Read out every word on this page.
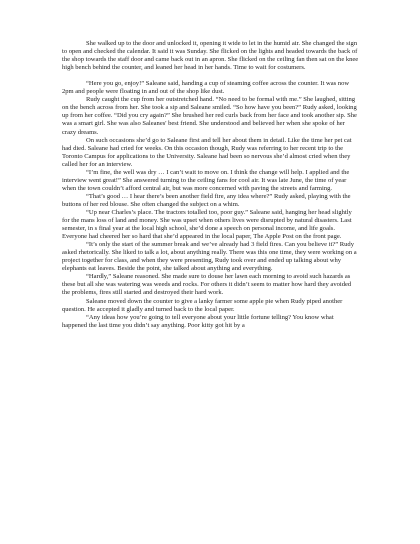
She walked up to the door and unlocked it, opening it wide to let in the humid air. She changed the sign to open and checked the calendar. It said it was Sunday. She flicked on the lights and headed towards the back of the shop towards the staff door and came back out in an apron. She flicked on the ceiling fan then sat on the knee high bench behind the counter, and leaned her head in her hands. Time to wait for costumers.

“Here you go, enjoy!” Saleane said, handing a cup of steaming coffee across the counter. It was now 2pm and people were floating in and out of the shop like dust.

Rudy caught the cup from her outstretched hand. “No need to be formal with me.” She laughed, sitting on the bench across from her. She took a sip and Saleane smiled. “So how have you been?” Rudy asked, looking up from her coffee. “Did you cry again?” She brushed her red curls back from her face and took another sip. She was a smart girl. She was also Saleanes' best friend. She understood and believed her when she spoke of her crazy dreams.

On such occasions she’d go to Saleane first and tell her about them in detail. Like the time her pet cat had died. Saleane had cried for weeks. On this occasion though, Rudy was referring to her recent trip to the Toronto Campus for applications to the University. Saleane had been so nervous she’d almost cried when they called her for an interview.

“I’m fine, the well was dry … I can’t wait to move on. I think the change will help. I applied and the interview went great!” She answered turning to the ceiling fans for cool air. It was late June, the time of year when the town couldn’t afford central air, but was more concerned with paving the streets and farming.

“That’s good … I hear there’s been another field fire, any idea where?” Rudy asked, playing with the buttons of her red blouse. She often changed the subject on a whim.

“Up near Charles’s place. The tractors totalled too, poor guy.” Saleane said, hanging her head slightly for the mans loss of land and money. She was upset when others lives were disrupted by natural disasters. Last semester, in s final year at the local high school, she’d done a speech on personal income, and life goals. Everyone had cheered her so hard that she’d appeared in the local paper, The Apple Post on the front page.

“It’s only the start of the summer break and we’ve already had 3 field fires. Can you believe it?” Rudy asked rhetorically. She liked to talk a lot, about anything really. There was this one time, they were working on a project together for class, and when they were presenting, Rudy took over and ended up talking about why elephants eat leaves. Beside the point, she talked about anything and everything.

“Hardly,” Saleane reasoned. She made sure to douse her lawn each morning to avoid such hazards as these but all she was watering was weeds and rocks. For others it didn’t seem to matter how hard they avoided the problems, fires still started and destroyed their hard work.

Saleane moved down the counter to give a lanky farmer some apple pie when Rudy piped another question. He accepted it gladly and turned back to the local paper.

“Any ideas how you’re going to tell everyone about your little fortune telling? You know what happened the last time you didn’t say anything. Poor kitty got hit by a
